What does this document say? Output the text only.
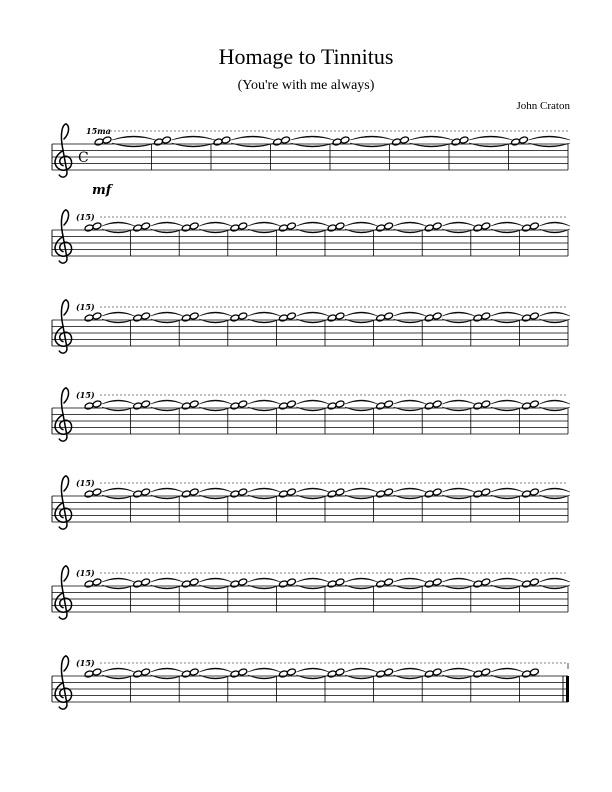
Homage to Tinnitus
(You're with me always)
John Craton
C
mf
15ma
(15)
(15)
(15)
(15)
(15)
(15)
